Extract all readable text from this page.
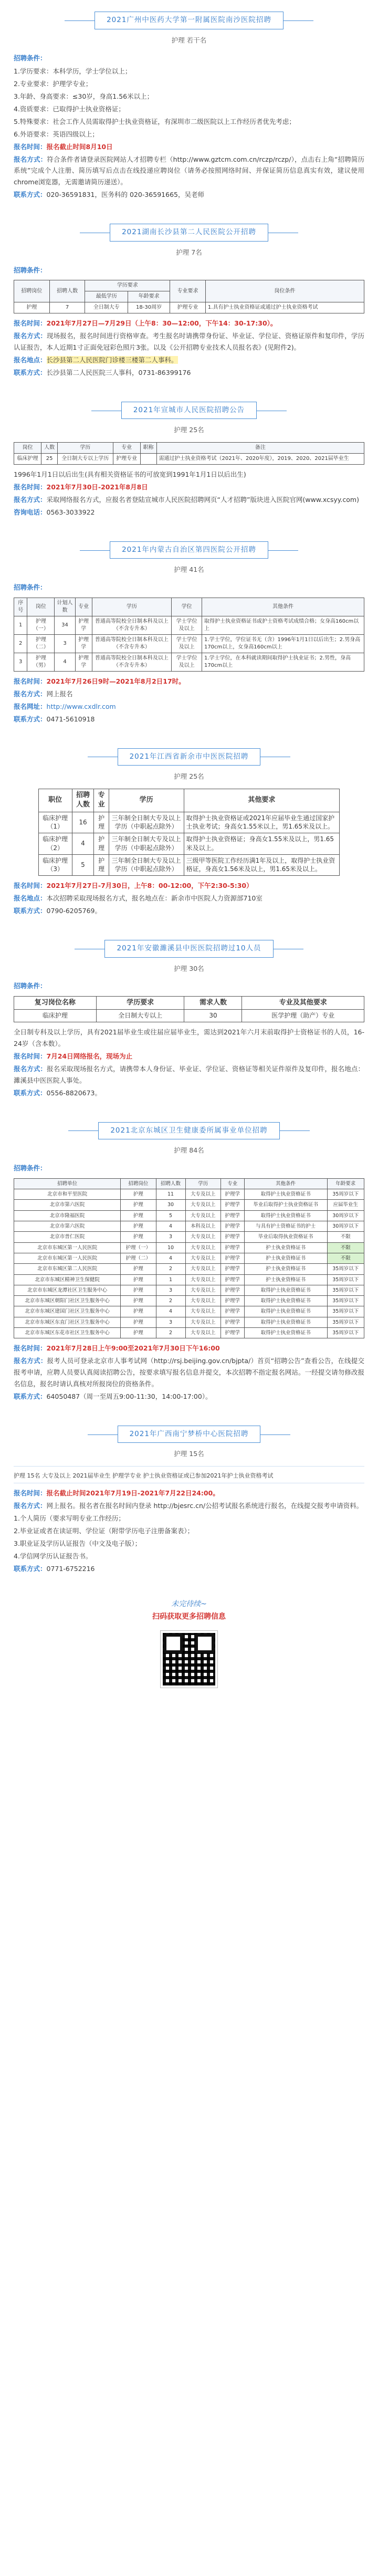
2021广州中医药大学第一附属医院南沙医院招聘
护理 若干名
招聘条件：

1.学历要求：本科学历，学士学位以上；

2.专业要求：护理学专业；

3.年龄、身高要求：≤30岁，身高1.56米以上；

4.资质要求：已取得护士执业资格证；

5.特殊要求：社会工作人员需取得护士执业资格证，有深圳市二级医院以上工作经历者优先考虑；

6.外语要求：英语四级以上；

报名时间：报名截止时间8月10日

报名方式：符合条件者请登录医院网站人才招聘专栏（http://www.gztcm.com.cn/rczp/rczp/），点击右上角“招聘简历系统”完成个人注册、简历填写后点击在线投递应聘岗位（请务必按照网络时间、并保证简历信息真实有效，建议使用chrome浏览器，无需邀请简历递送）。

联系方式：020-36591831，医务科的 020-36591665，吴老师

2021湖南长沙县第二人民医院公开招聘
护理 7名
招聘条件：
招聘岗位	招聘人数	学历要求		专业要求	岗位条件
		最低学历	年龄要求		
护理	7	全日制大专	18-30周岁	护理专业	1.具有护士执业资格证或通过护士执业资格考试

报名时间：2021年7月27日—7月29日（上午8：30—12:00，下午14：30-17:30）。

报名方式：现场报名，报名时间进行资格审查。考生报名时请携带身份证、毕业证、学位证、资格证原件和复印件，学历认证报告，本人近期1寸正面免冠彩色照片3张。以及《公开招聘专业技术人员报名表》(见附件2)。

报名地点：长沙县第二人民医院门诊楼三楼第二人事科。

联系方式：长沙县第二人民医院三人事科，0731-86399176

2021年宣城市人民医院招聘公告
护理 25名
岗位	人数	学历	专业	职称	备注
临床护理	25	全日制大专以上学历	护理专业		需通过护士执业资格考试（2021年、2020年度），2019、2020、2021届毕业生

1996年1月1日以后出生(具有相关资格证书的可放宽到1991年1月1日以后出生)

报名时间：2021年7月30日-2021年8月8日

报名方式：采取网络报名方式，应报名者登陆宣城市人民医院招聘网页“人才招聘”版块进入医院官网(www.xcsyy.com)

咨询电话：0563-3033922

2021年内蒙古自治区第四医院公开招聘
护理 41名
招聘条件：
序号	岗位	计划人数	专业	学历	学位	其他条件
1	护理（一）	34	护理学	普通高等院校全日制本科及以上（不含专升本）	学士学位及以上	取得护士执业资格证书或护士资格考试成绩合格；女身高160cm以上
2	护理（二）	3	护理学	普通高等院校全日制本科及以上（不含专升本）	学士学位及以上	1.学士学位，学位证书无（含）1996年1月1日以后出生；2.男身高170cm以上，女身高160cm以上
3	护理（男）	4	护理学	普通高等院校全日制本科及以上（不含专升本）	学士学位及以上	1.学士学位，在本科就读期间取得护士执业证书；2.男性，身高170cm以上

报名时间：2021年7月26日9时—2021年8月2日17时。

报名方式：网上报名

报名网址：http://www.cxdlr.com

联系方式：0471-5610918

2021年江西省新余市中医医院招聘
护理 25名
职位	招聘人数	专业	学历	其他要求
临床护理（1）	16	护理	三年制全日制大专及以上学历（中职起点除外）	取得护士执业资格证或2021年应届毕业生通过国家护士执业考试；身高女1.55米以上，男1.65米及以上。
临床护理（2）	4	护理	三年制全日制大专及以上学历（中职起点除外）	取得护士执业资格证；身高女1.55米及以上，男1.65米及以上。
临床护理（3）	5	护理	三年制全日制大专及以上学历（中职起点除外）	三级甲等医院工作经历满1年及以上，取得护士执业资格证，身高女1.56米及以上，男1.65米及以上。

报名时间：2021年7月27日-7月30日，上午8：00-12:00，下午2:30-5:30）

报名地点：本次招聘采取现场报名方式，报名地点在：新余市中医院人力资源部710室

联系方式：0790-6205769。

2021年安徽濉溪县中医医院招聘过10人员
护理 30名
招聘条件：
复习岗位名称	学历要求	需求人数	专业及其他要求
临床护理	全日制大专以上	30	医学护理（助产）专业

全日制专科及以上学历，具有2021届毕业生或往届应届毕业生，需达到2021年六月末前取得护士资格证书的人员，16-24岁（含本数）。

报名时间：7月24日网络报名，现场为止

报名方式：报名采取现场报名方式，请携带本人身份证、毕业证、学位证、资格证等相关证件原件及复印件，报名地点：濉溪县中医医院人事处。

联系方式：0556-8820673。

2021北京东城区卫生健康委所属事业单位招聘
护理 84名
招聘条件：
招聘单位	招聘岗位	招聘人数	学历	专业	其他条件	年龄要求
北京市和平里医院	护理	11	大专及以上	护理学	取得护士执业资格证书	35周岁以下
北京市第六医院	护理	30	大专及以上	护理学	毕业后取得护士执业资格证书	应届毕业生
北京市隆福医院	护理	5	大专及以上	护理学	取得护士执业资格证书	30周岁以下
北京市第六医院	护理	4	本科及以上	护理学	与具有护士资格证书的护士	30周岁以下
北京市普仁医院	护理	3	大专及以上	护理学	毕业后取得执业资格证书	不限
北京市东城区第一人民医院	护理（一）	10	大专及以上	护理学	护士执业资格证书	不限
北京市东城区第一人民医院	护理（二）	4	大专及以上	护理学	护士执业资格证书	不限
北京市东城区第二人民医院	护理	2	大专及以上	护理学	护士执业资格证书	35周岁以下
北京市东城区精神卫生保健院	护理	1	大专及以上	护理学	护士执业资格证书	35周岁以下
北京市东城区龙潭社区卫生服务中心	护理	3	大专及以上	护理学	取得护士执业资格证书	35周岁以下
北京市东城区朝阳门社区卫生服务中心	护理	2	大专及以上	护理学	取得护士执业资格证书	35周岁以下
北京市东城区建国门社区卫生服务中心	护理	4	大专及以上	护理学	取得护士执业资格证书	35周岁以下
北京市东城区东直门社区卫生服务中心	护理	3	大专及以上	护理学	取得护士执业资格证书	35周岁以下
北京市东城区东花市社区卫生服务中心	护理	2	大专及以上	护理学	取得护士执业资格证书	35周岁以下

报名时间：2021年7月28日上午9:00至2021年7月30日下午16:00

报名方式：报考人员可登录北京市人事考试网（http://rsj.beijing.gov.cn/bjpta/）首页“招聘公告”查看公告，在线提交报考申请，应聘人员要认真阅读招聘公告，按要求填写报名信息并提交，本次招聘不指定报名网站。一经提交请勿修改报名信息，报名时请认真核对所报岗位的资格条件。

联系方式：64050487（周一至周五9:00-11:30，14:00-17:00）。

2021年广西南宁梦桥中心医院招聘
护理 15名

护理 15名 大专及以上 2021届毕业生 护理学专业 护士执业资格证或已参加2021年护士执业资格考试

报名时间：报名截止时间2021年7月19日-2021年7月22日24:00。

报名方式：网上报名。报名者在报名时间内登录 http://bjesrc.cn/公招考试报名系统进行报名，在线提交报考申请资料。

1.个人简历（要求写明专业工作经历；

2.毕业证或者在读证明、学位证（附带学历电子注册备案表）；

3.职业证及学历认证报告（中文及电子版）；

4.学信网学历认证报告书。

联系方式：0771-6752216

未完待续~
扫码获取更多招聘信息
